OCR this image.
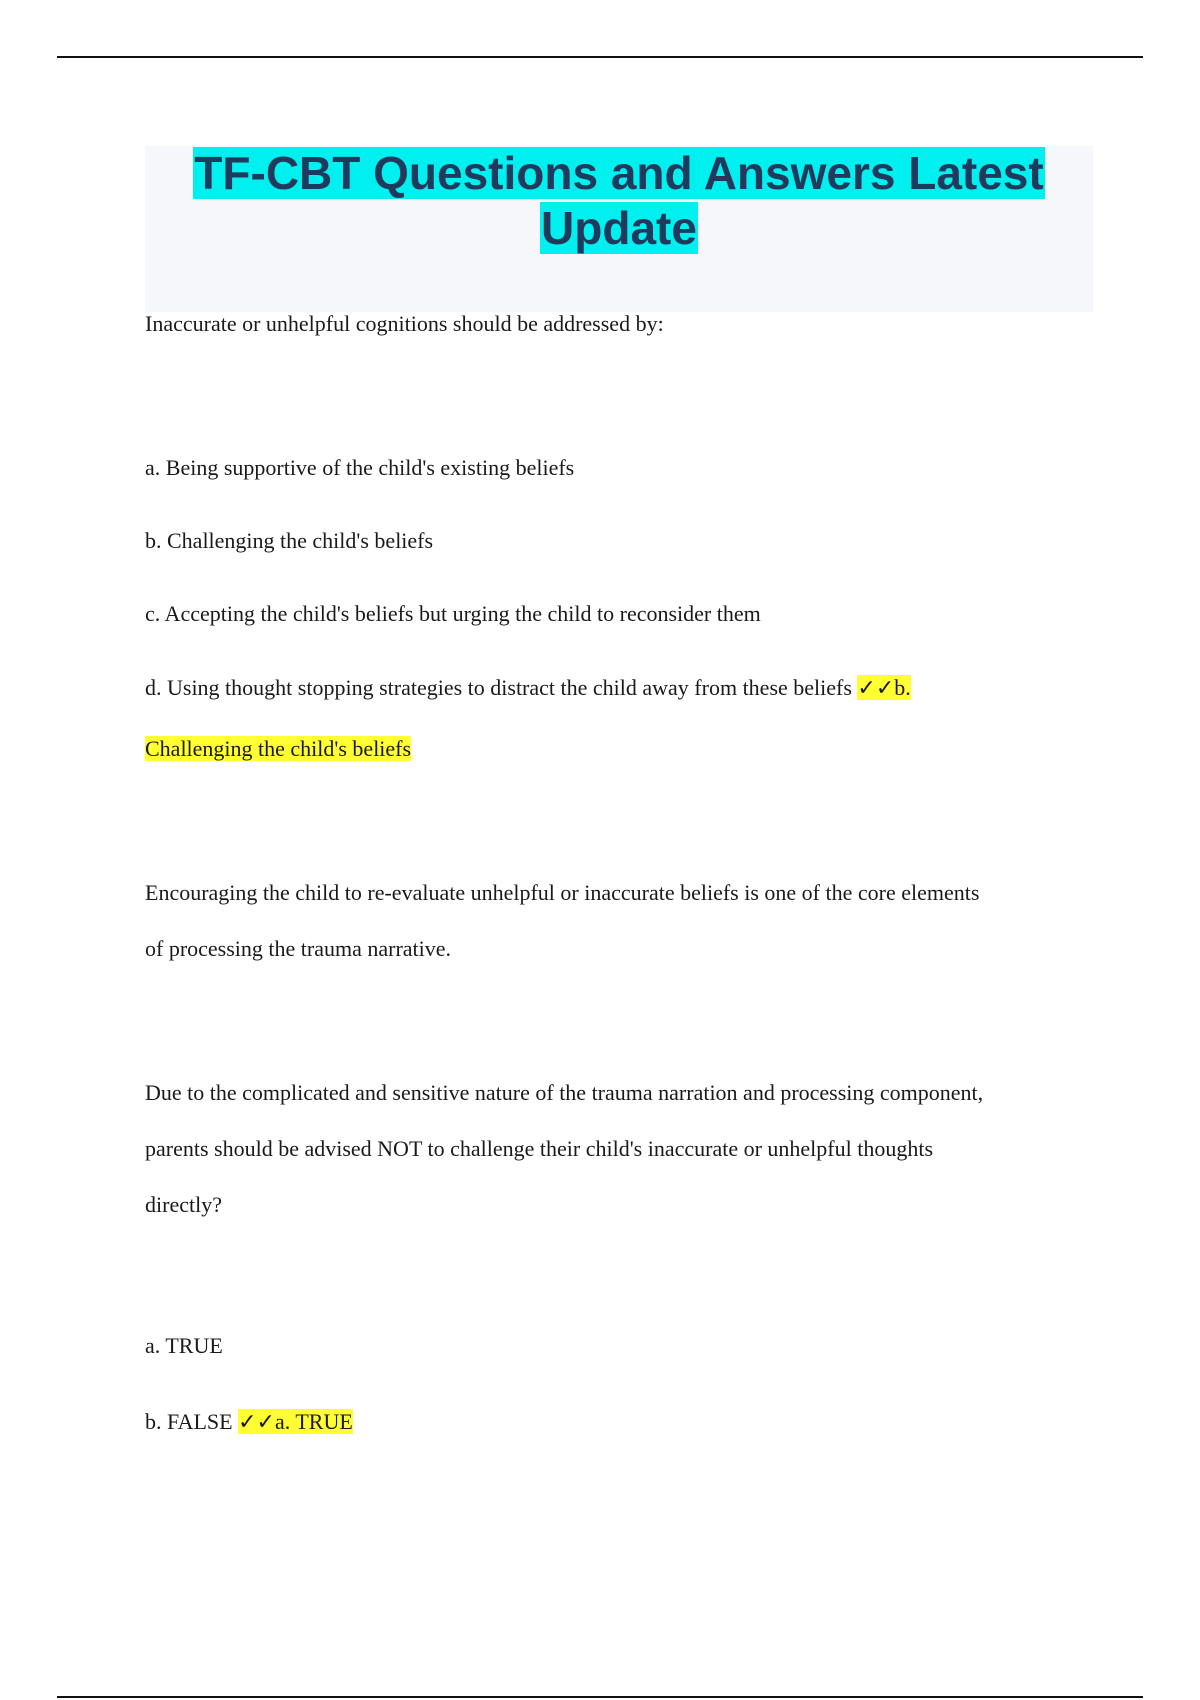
TF-CBT Questions and Answers Latest
Update

Inaccurate or unhelpful cognitions should be addressed by:

a. Being supportive of the child's existing beliefs

b. Challenging the child's beliefs

c. Accepting the child's beliefs but urging the child to reconsider them

d. Using thought stopping strategies to distract the child away from these beliefs ✓✓b.

Challenging the child's beliefs

Encouraging the child to re-evaluate unhelpful or inaccurate beliefs is one of the core elements
of processing the trauma narrative.
Due to the complicated and sensitive nature of the trauma narration and processing component,
parents should be advised NOT to challenge their child's inaccurate or unhelpful thoughts
directly?

a. TRUE

b. FALSE ✓✓a. TRUE
